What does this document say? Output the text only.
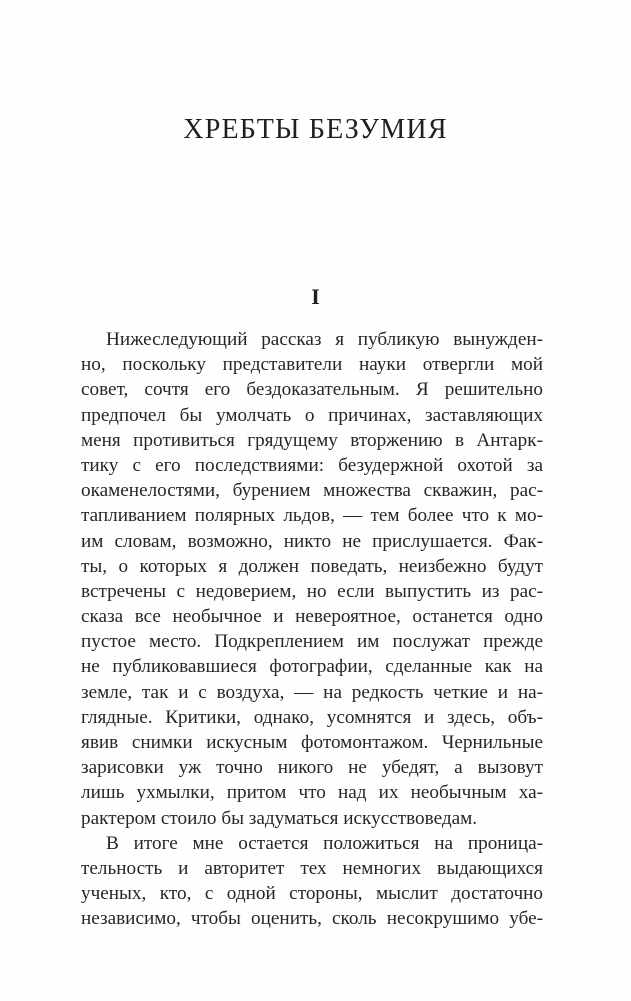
ХРЕБТЫ БЕЗУМИЯ
I
Нижеследующий рассказ я публикую вынужден-
но, поскольку представители науки отвергли мой
совет, сочтя его бездоказательным. Я решительно
предпочел бы умолчать о причинах, заставляющих
меня противиться грядущему вторжению в Антарк-
тику с его последствиями: безудержной охотой за
окаменелостями, бурением множества скважин, рас-
тапливанием полярных льдов, — тем более что к мо-
им словам, возможно, никто не прислушается. Фак-
ты, о которых я должен поведать, неизбежно будут
встречены с недоверием, но если выпустить из рас-
сказа все необычное и невероятное, останется одно
пустое место. Подкреплением им послужат прежде
не публиковавшиеся фотографии, сделанные как на
земле, так и с воздуха, — на редкость четкие и на-
глядные. Критики, однако, усомнятся и здесь, объ-
явив снимки искусным фотомонтажом. Чернильные
зарисовки уж точно никого не убедят, а вызовут
лишь ухмылки, притом что над их необычным ха-
рактером стоило бы задуматься искусствоведам.
В итоге мне остается положиться на проница-
тельность и авторитет тех немногих выдающихся
ученых, кто, с одной стороны, мыслит достаточно
независимо, чтобы оценить, сколь несокрушимо убе-
